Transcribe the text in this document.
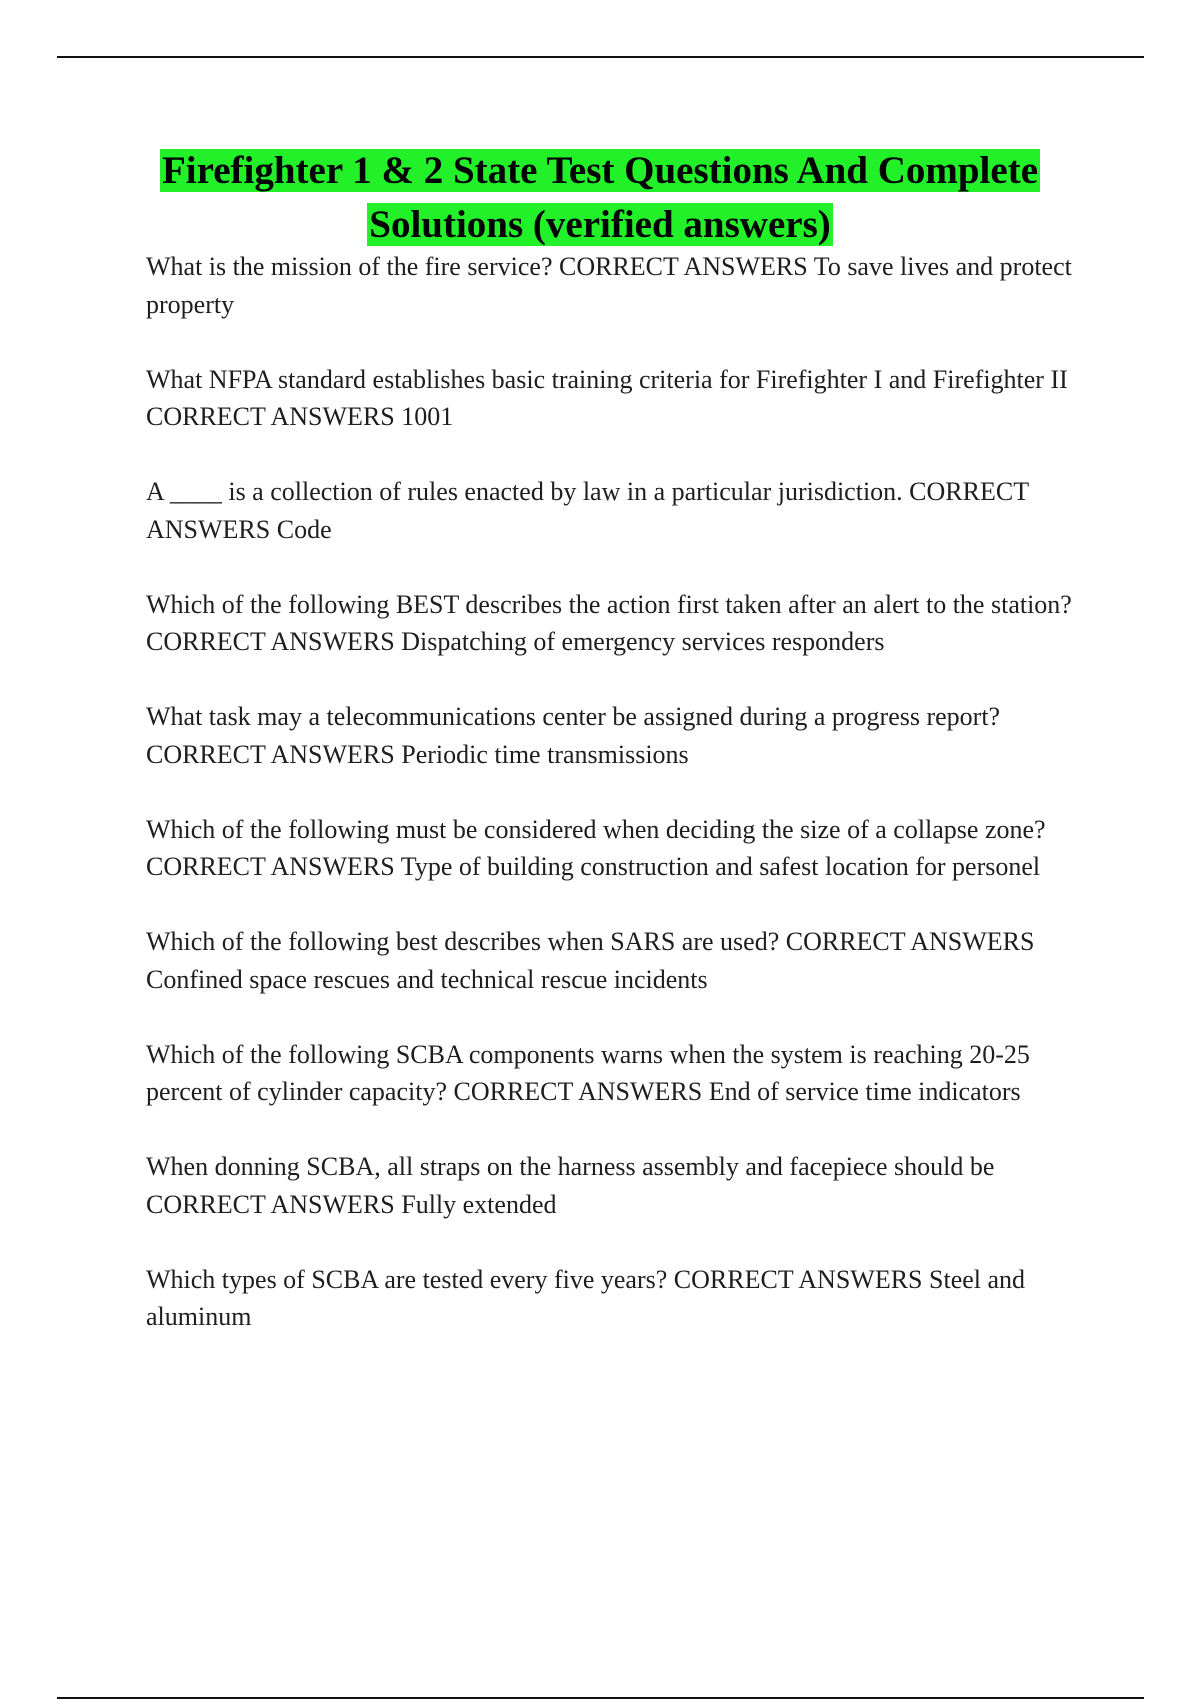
Firefighter 1 & 2 State Test Questions And Complete Solutions (verified answers)
What is the mission of the fire service? CORRECT ANSWERS To save lives and protect property
What NFPA standard establishes basic training criteria for Firefighter I and Firefighter II CORRECT ANSWERS 1001
A ____ is a collection of rules enacted by law in a particular jurisdiction. CORRECT ANSWERS Code
Which of the following BEST describes the action first taken after an alert to the station? CORRECT ANSWERS Dispatching of emergency services responders
What task may a telecommunications center be assigned during a progress report? CORRECT ANSWERS Periodic time transmissions
Which of the following must be considered when deciding the size of a collapse zone? CORRECT ANSWERS Type of building construction and safest location for personel
Which of the following best describes when SARS are used? CORRECT ANSWERS Confined space rescues and technical rescue incidents
Which of the following SCBA components warns when the system is reaching 20-25 percent of cylinder capacity? CORRECT ANSWERS End of service time indicators
When donning SCBA, all straps on the harness assembly and facepiece should be CORRECT ANSWERS Fully extended
Which types of SCBA are tested every five years? CORRECT ANSWERS Steel and aluminum
